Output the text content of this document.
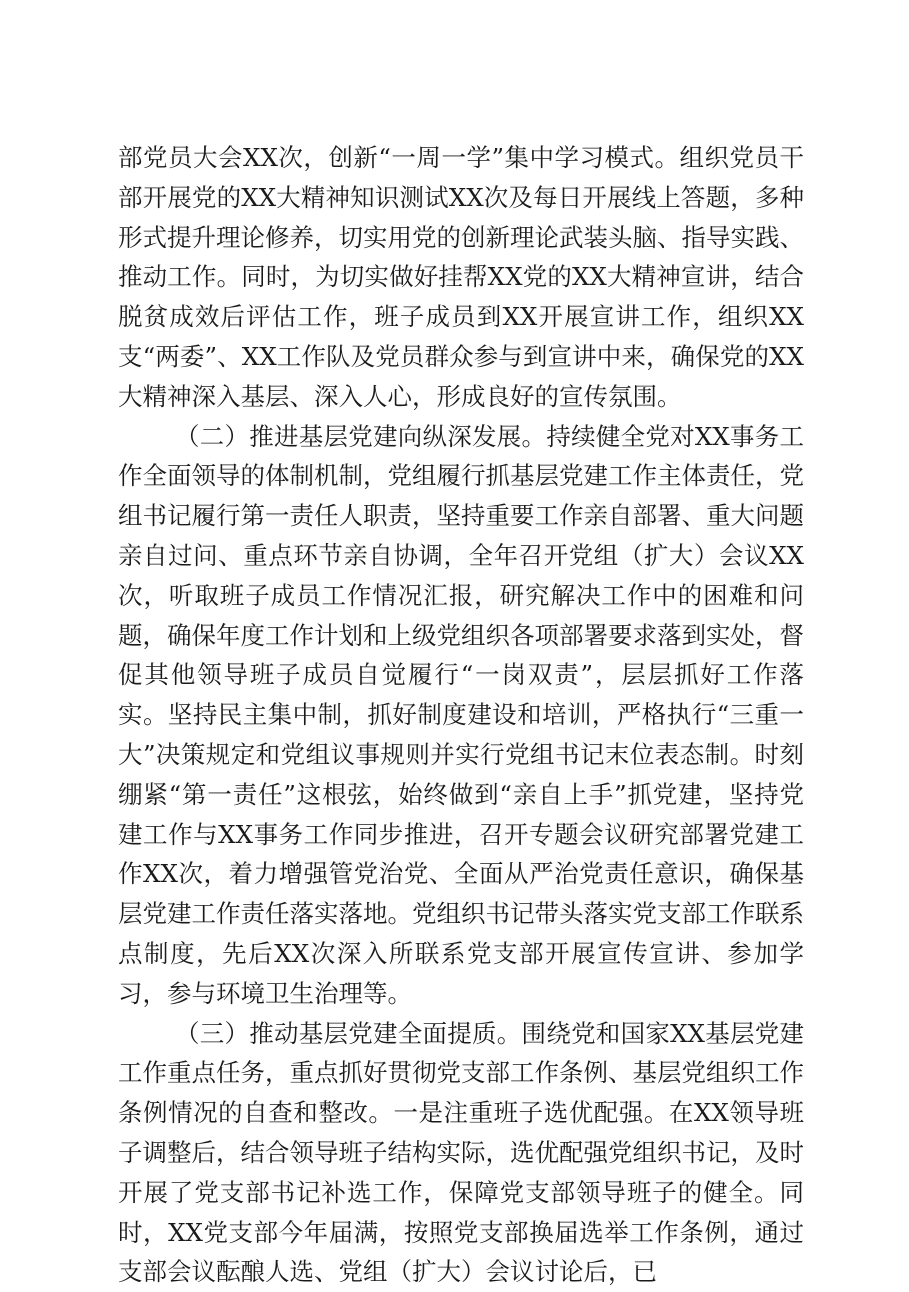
部党员大会XX次，创新“一周一学”集中学习模式。组织党员干部开展党的XX大精神知识测试XX次及每日开展线上答题，多种形式提升理论修养，切实用党的创新理论武装头脑、指导实践、推动工作。同时，为切实做好挂帮XX党的XX大精神宣讲，结合脱贫成效后评估工作，班子成员到XX开展宣讲工作，组织XX支“两委”、XX工作队及党员群众参与到宣讲中来，确保党的XX大精神深入基层、深入人心，形成良好的宣传氛围。

（二）推进基层党建向纵深发展。持续健全党对XX事务工作全面领导的体制机制，党组履行抓基层党建工作主体责任，党组书记履行第一责任人职责，坚持重要工作亲自部署、重大问题亲自过问、重点环节亲自协调，全年召开党组（扩大）会议XX次，听取班子成员工作情况汇报，研究解决工作中的困难和问题，确保年度工作计划和上级党组织各项部署要求落到实处，督促其他领导班子成员自觉履行“一岗双责”，层层抓好工作落实。坚持民主集中制，抓好制度建设和培训，严格执行“三重一大”决策规定和党组议事规则并实行党组书记末位表态制。时刻绷紧“第一责任”这根弦，始终做到“亲自上手”抓党建，坚持党建工作与XX事务工作同步推进，召开专题会议研究部署党建工作XX次，着力增强管党治党、全面从严治党责任意识，确保基层党建工作责任落实落地。党组织书记带头落实党支部工作联系点制度，先后XX次深入所联系党支部开展宣传宣讲、参加学习，参与环境卫生治理等。

（三）推动基层党建全面提质。围绕党和国家XX基层党建工作重点任务，重点抓好贯彻党支部工作条例、基层党组织工作条例情况的自查和整改。一是注重班子选优配强。在XX领导班子调整后，结合领导班子结构实际，选优配强党组织书记，及时开展了党支部书记补选工作，保障党支部领导班子的健全。同时，XX党支部今年届满，按照党支部换届选举工作条例，通过支部会议酝酿人选、党组（扩大）会议讨论后，已
